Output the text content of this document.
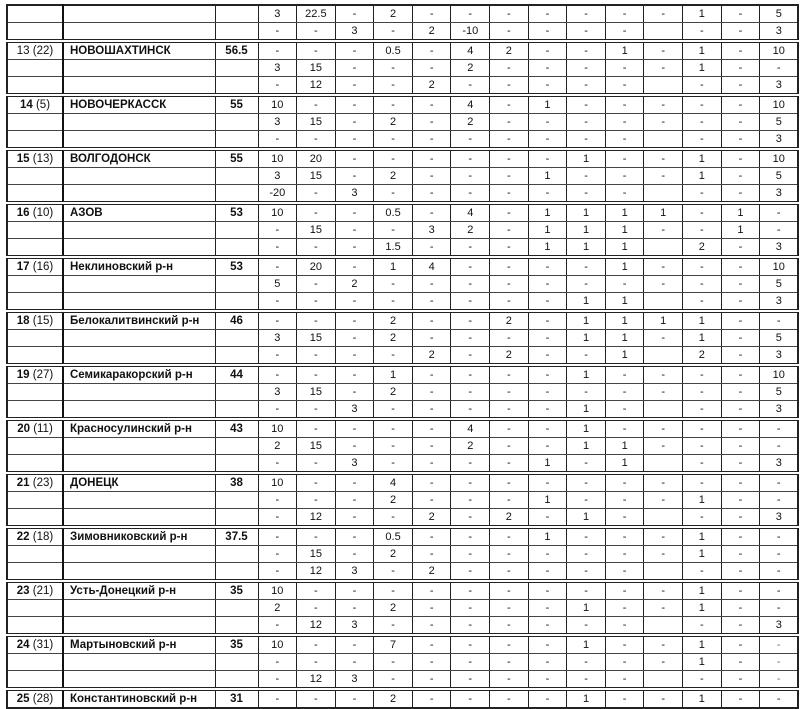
			3	22.5	-	2	-	-	-	-	-	-	-	1	-	5
			-	-	3	-	2	-10	-	-	-	-		-	-	3
13 (22)	НОВОШАХТИНСК	56.5	-	-	-	0.5	-	4	2	-	-	1	-	1	-	10
			3	15	-	-	-	2	-	-	-	-	-	1	-	-
			-	12	-	-	2	-	-	-	-	-		-	-	3
14 (5)	НОВОЧЕРКАССК	55	10	-	-	-	-	4	-	1	-	-	-	-	-	10
			3	15	-	2	-	2	-	-	-	-	-	-	-	5
			-	-	-	-	-	-	-	-	-	-		-	-	3
15 (13)	ВОЛГОДОНСК	55	10	20	-	-	-	-	-	-	1	-	-	1	-	10
			3	15	-	2	-	-	-	1	-	-	-	1	-	5
			-20	-	3	-	-	-	-	-	-	-		-	-	3
16 (10)	АЗОВ	53	10	-	-	0.5	-	4	-	1	1	1	1	-	1	-
			-	15	-	-	3	2	-	1	1	1	-	-	1	-
			-	-	-	1.5	-	-	-	1	1	1		2	-	3
17 (16)	Неклиновский р-н	53	-	20	-	1	4	-	-	-	-	1	-	-	-	10
			5	-	2	-	-	-	-	-	-	-	-	-	-	5
			-	-	-	-	-	-	-	-	1	1		-	-	3
18 (15)	Белокалитвинский р-н	46	-	-	-	2	-	-	2	-	1	1	1	1	-	-
			3	15	-	2	-	-	-	-	1	1	-	1	-	5
			-	-	-	-	2	-	2	-	-	1		2	-	3
19 (27)	Семикаракорский р-н	44	-	-	-	1	-	-	-	-	1	-	-	-	-	10
			3	15	-	2	-	-	-	-	-	-	-	-	-	5
			-	-	3	-	-	-	-	-	1	-		-	-	3
20 (11)	Красносулинский р-н	43	10	-	-	-	-	4	-	-	1	-	-	-	-	-
			2	15	-	-	-	2	-	-	1	1	-	-	-	-
			-	-	3	-	-	-	-	1	-	1		-	-	3
21 (23)	ДОНЕЦК	38	10	-	-	4	-	-	-	-	-	-	-	-	-	-
			-	-	-	2	-	-	-	1	-	-	-	1	-	-
			-	12	-	-	2	-	2	-	1	-		-	-	3
22 (18)	Зимовниковский р-н	37.5	-	-	-	0.5	-	-	-	1	-	-	-	1	-	-
			-	15	-	2	-	-	-	-	-	-	-	1	-	-
			-	12	3	-	2	-	-	-	-	-		-	-	-
23 (21)	Усть-Донецкий р-н	35	10	-	-	-	-	-	-	-	-	-	-	1	-	-
			2	-	-	2	-	-	-	-	1	-	-	1	-	-
			-	12	3	-	-	-	-	-	-	-		-	-	3
24 (31)	Мартыновский р-н	35	10	-	-	7	-	-	-	-	1	-	-	1	-	-
			-	-	-	-	-	-	-	-	-	-	-	1	-	-
			-	12	3	-	-	-	-	-	-	-		-	-	-
25 (28)	Константиновский р-н	31	-	-	-	2	-	-	-	-	1	-	-	1	-	-
